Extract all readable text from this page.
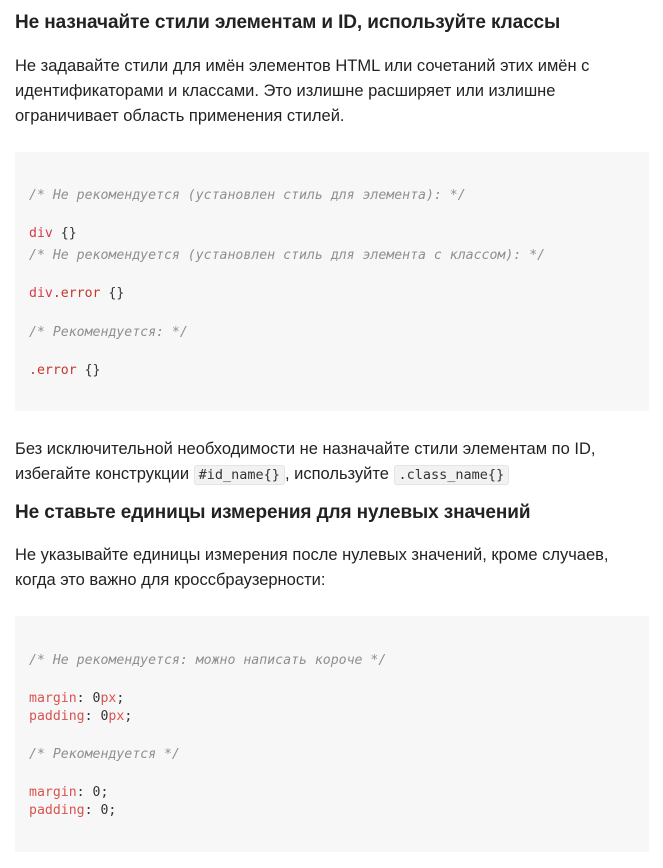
Не назначайте стили элементам и ID, используйте классы

Не задавайте стили для имён элементов HTML или сочетаний этих имён с идентификаторами и классами. Это излишне расширяет или излишне ограничивает область применения стилей.

/* Не рекомендуется (установлен стиль для элемента): */
div {}
/* Не рекомендуется (установлен стиль для элемента с классом): */
div.error {}
/* Рекомендуется: */
.error {}

Без исключительной необходимости не назначайте стили элементам по ID, избегайте конструкции #id_name{} , используйте .class_name{}

Не ставьте единицы измерения для нулевых значений

Не указывайте единицы измерения после нулевых значений, кроме случаев, когда это важно для кроссбраузерности:

/* Не рекомендуется: можно написать короче */
margin: 0px;
padding: 0px;
/* Рекомендуется */
margin: 0;
padding: 0;
